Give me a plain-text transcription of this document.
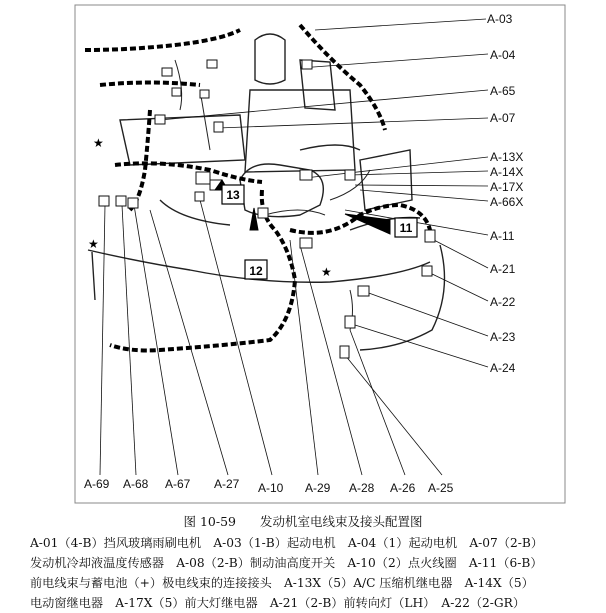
13
12
11
★
★
★
A-03
A-04
A-65
A-07
A-13X
A-14X
A-17X
A-66X
A-11
A-21
A-22
A-23
A-24
A-69 A-68 A-67 A-27 A-10 A-29 A-28 A-26 A-25
图 10-59 发动机室电线束及接头配置图
A-01（4-B）挡风玻璃雨刷电机　A-03（1-B）起动电机　A-04（1）起动电机　A-07（2-B）
发动机冷却液温度传感器　A-08（2-B）制动油高度开关　A-10（2）点火线圈　A-11（6-B）
前电线束与蓄电池（+）极电线束的连接接头　A-13X（5）A/C 压缩机继电器　A-14X（5）
电动窗继电器　A-17X（5）前大灯继电器　A-21（2-B）前转向灯（LH）　A-22（2-GR）
